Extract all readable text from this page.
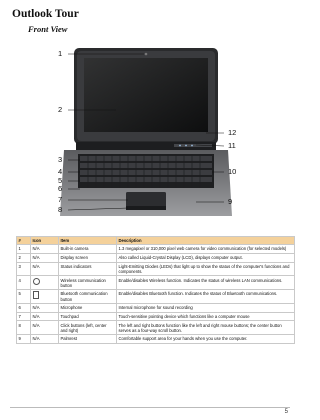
Outlook Tour
Front View
1
2
3
4
5
6
7
8
9
10
11
12
#	Icon	Item	Description
1	N/A	Built-in camera	1.3 megapixel or 310,000 pixel web camera for video communication (for selected models)
2	N/A	Display screen	Also called Liquid-Crystal Display (LCD), displays computer output.
3	N/A	Status indicators	Light-Emitting Diodes (LEDs) that light up to show the status of the computer's functions and components.
4		Wireless communication button	Enable/disables Wireless function. Indicates the status of wireless LAN communications.
5		Bluetooth communication button	Enable/disables Bluetooth function. Indicates the status of Bluetooth communications.
6	N/A	Microphone	Internal microphone for sound recording
7	N/A	Touchpad	Touch-sensitive pointing device which functions like a computer mouse
8	N/A	Click buttons (left, center and right)	The left and right buttons function like the left and right mouse buttons; the center button serves as a four-way scroll button.
9	N/A	Palmrest	Comfortable support area for your hands when you use the computer.
5
